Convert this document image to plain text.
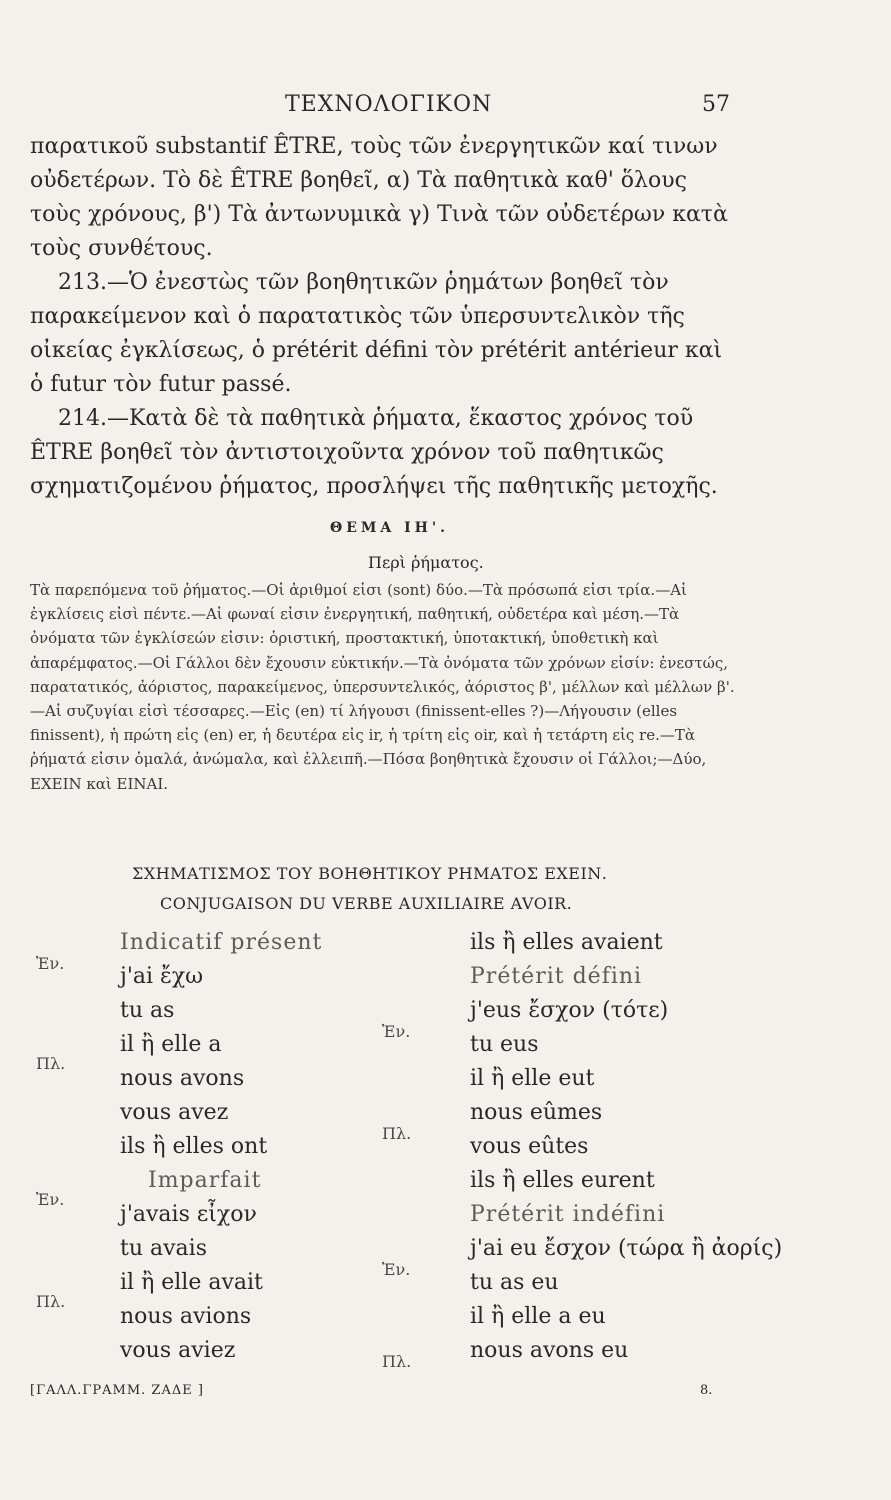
ΤΕΧΝΟΛΟΓΙΚΟΝ	57
παρατικοῦ substantif ÊTRE, τοὺς τῶν ἐνεργητικῶν καί τινων οὐδετέρων. Τὸ δὲ ÊTRE βοηθεῖ, α) Τὰ παθητικὰ καθ' ὅλους τοὺς χρόνους, β') Τὰ ἀντωνυμικὰ γ) Τινὰ τῶν οὐδετέρων κατὰ τοὺς συνθέτους.
213.—Ὁ ἐνεστὼς τῶν βοηθητικῶν ῥημάτων βοηθεῖ τὸν παρακείμενον καὶ ὁ παρατατικὸς τῶν ὑπερσυντελικὸν τῆς οἰκείας ἐγκλίσεως, ὁ prétérit défini τὸν prétérit antérieur καὶ ὁ futur τὸν futur passé.
214.—Κατὰ δὲ τὰ παθητικὰ ῥήματα, ἕκαστος χρόνος τοῦ ÊTRE βοηθεῖ τὸν ἀντιστοιχοῦντα χρόνον τοῦ παθητικῶς σχηματιζομένου ῥήματος, προσλήψει τῆς παθητικῆς μετοχῆς.
ΘΕΜΑ ΙΗ'.
Περὶ ῥήματος.
Τὰ παρεπόμενα τοῦ ῥήματος.—Οἱ ἀριθμοί εἰσι (sont) δύο.—Τὰ πρόσωπά εἰσι τρία.—Αἱ ἐγκλίσεις εἰσὶ πέντε.—Αἱ φωναί εἰσιν ἐνεργητική, παθητική, οὐδετέρα καὶ μέση.—Τὰ ὀνόματα τῶν ἐγκλίσεών εἰσιν: ὁριστική, προστακτική, ὑποτακτική, ὑποθετικὴ καὶ ἀπαρέμφατος.—Οἱ Γάλλοι δὲν ἔχουσιν εὐκτικήν.—Τὰ ὀνόματα τῶν χρόνων εἰσίν: ἐνεστώς, παρατατικός, ἀόριστος, παρακείμενος, ὑπερσυντελικός, ἀόριστος β', μέλλων καὶ μέλλων β'.—Αἱ συζυγίαι εἰσὶ τέσσαρες.—Εἰς (en) τί λήγουσι (finissent-elles ?)—Λήγουσιν (elles finissent), ἡ πρώτη εἰς (en) er, ἡ δευτέρα εἰς ir, ἡ τρίτη εἰς oir, καὶ ἡ τετάρτη εἰς re.—Τὰ ῥήματά εἰσιν ὁμαλά, ἀνώμαλα, καὶ ἐλλειπῆ.—Πόσα βοηθητικὰ ἔχουσιν οἱ Γάλλοι;—Δύο, ΕΧΕΙΝ καὶ ΕΙΝΑΙ.
ΣΧΗΜΑΤΙΣΜΟΣ ΤΟΥ ΒΟΗΘΗΤΙΚΟΥ ΡΗΜΑΤΟΣ ΕΧΕΙΝ.
CONJUGAISON DU VERBE AUXILIAIRE AVOIR.
Indicatif présent
j'ai ἔχω
tu as
il ἢ elle a
nous avons
vous avez
ils ἢ elles ont
Imparfait
j'avais εἶχον
tu avais
il ἢ elle avait
nous avions
vous aviez
ils ἢ elles avaient
Prétérit défini
j'eus ἔσχον (τότε)
tu eus
il ἢ elle eut
nous eûmes
vous eûtes
ils ἢ elles eurent
Prétérit indéfini
j'ai eu ἔσχον (τώρα ἢ ἀορίς)
tu as eu
il ἢ elle a eu
nous avons eu
Ἑν.
Πλ.
Ἑν.
Πλ.
Ἑν.
Πλ.
Ἑν.
Πλ.
[ΓΑΛΛ.ΓΡΑΜΜ. ΖΑΔΕ ]	8.
